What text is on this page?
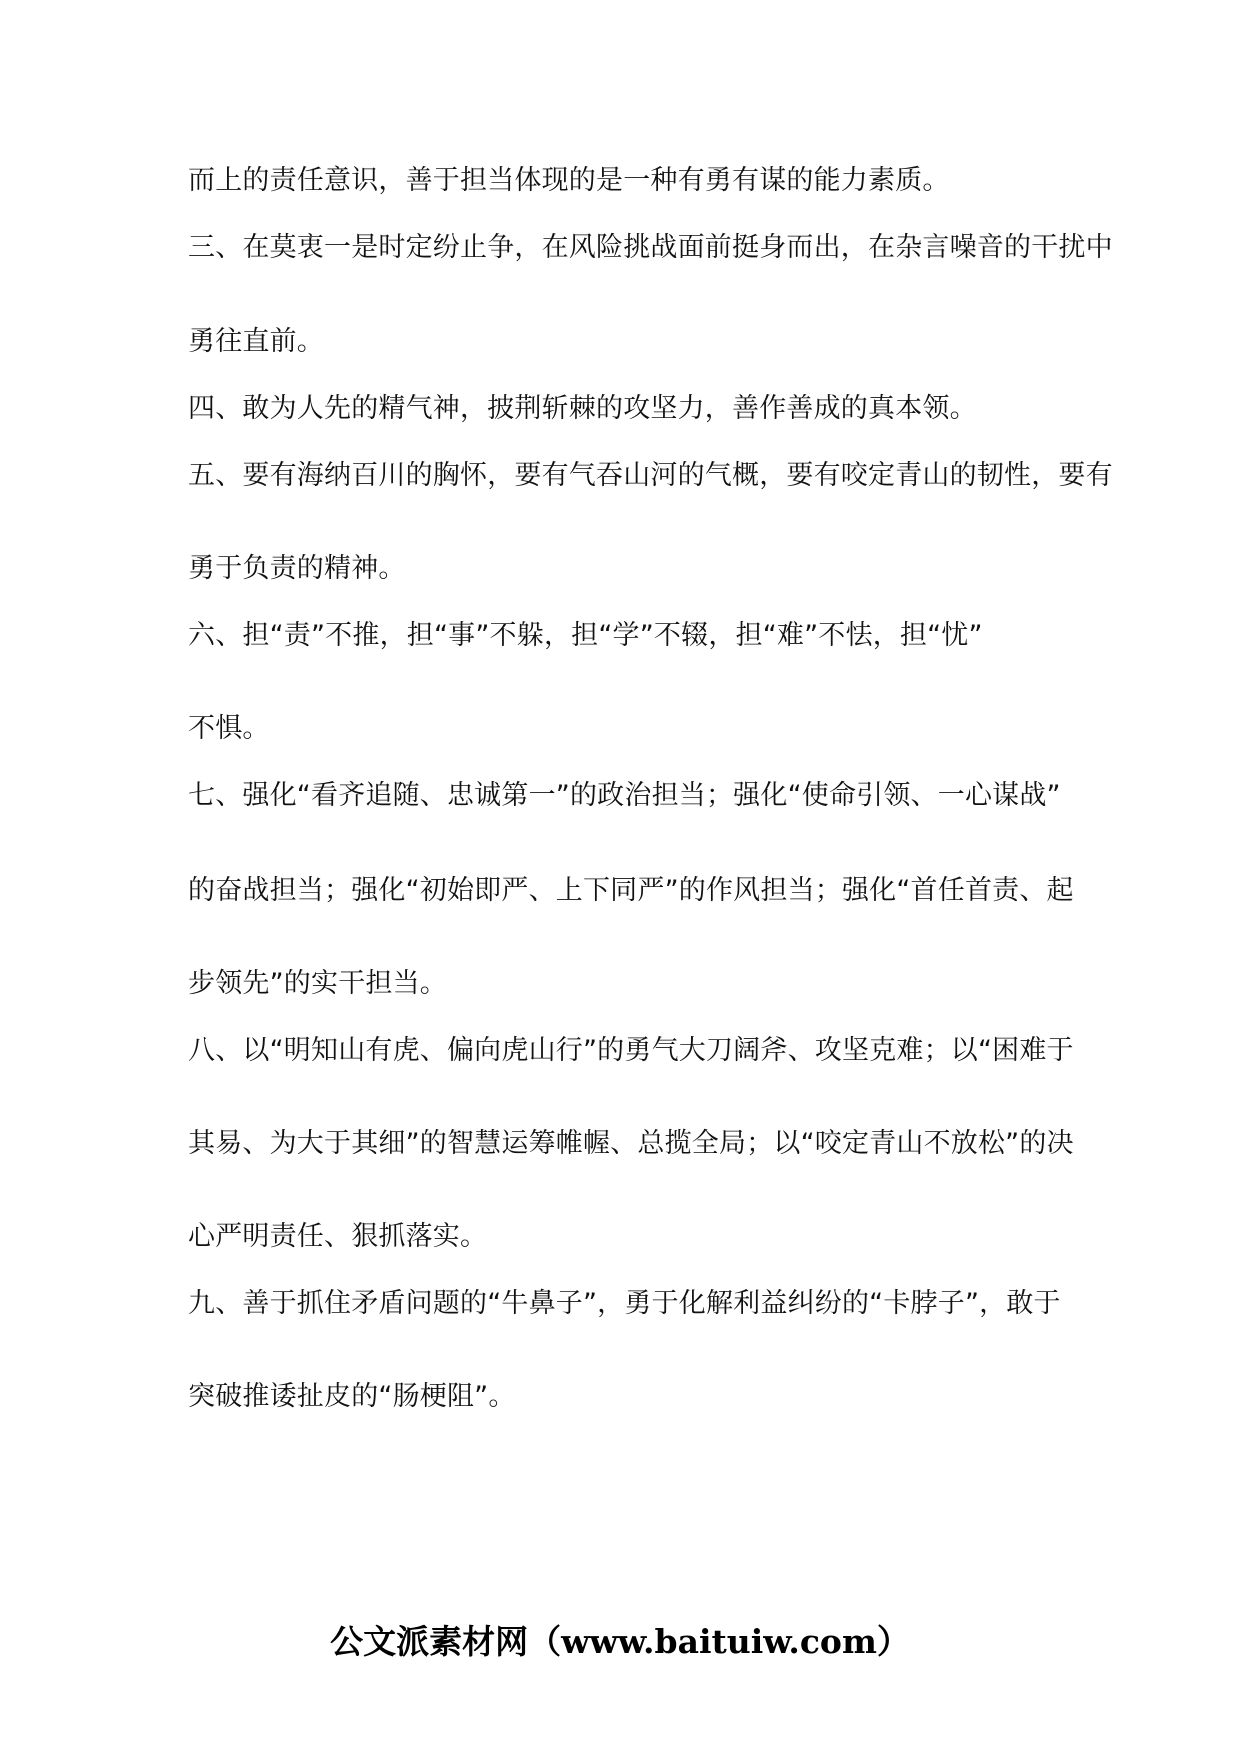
而上的责任意识，善于担当体现的是一种有勇有谋的能力素质。
三、在莫衷一是时定纷止争，在风险挑战面前挺身而出，在杂言噪音的干扰中
勇往直前。
四、敢为人先的精气神，披荆斩棘的攻坚力，善作善成的真本领。
五、要有海纳百川的胸怀，要有气吞山河的气概，要有咬定青山的韧性，要有
勇于负责的精神。
六、担“责”不推，担“事”不躲，担“学”不辍，担“难”不怯，担“忧”
不惧。
七、强化“看齐追随、忠诚第一”的政治担当；强化“使命引领、一心谋战”
的奋战担当；强化“初始即严、上下同严”的作风担当；强化“首任首责、起
步领先”的实干担当。
八、以“明知山有虎、偏向虎山行”的勇气大刀阔斧、攻坚克难；以“困难于
其易、为大于其细”的智慧运筹帷幄、总揽全局；以“咬定青山不放松”的决
心严明责任、狠抓落实。
九、善于抓住矛盾问题的“牛鼻子”，勇于化解利益纠纷的“卡脖子”，敢于
突破推诿扯皮的“肠梗阻”。
公文派素材网（www.baituiw.com）
